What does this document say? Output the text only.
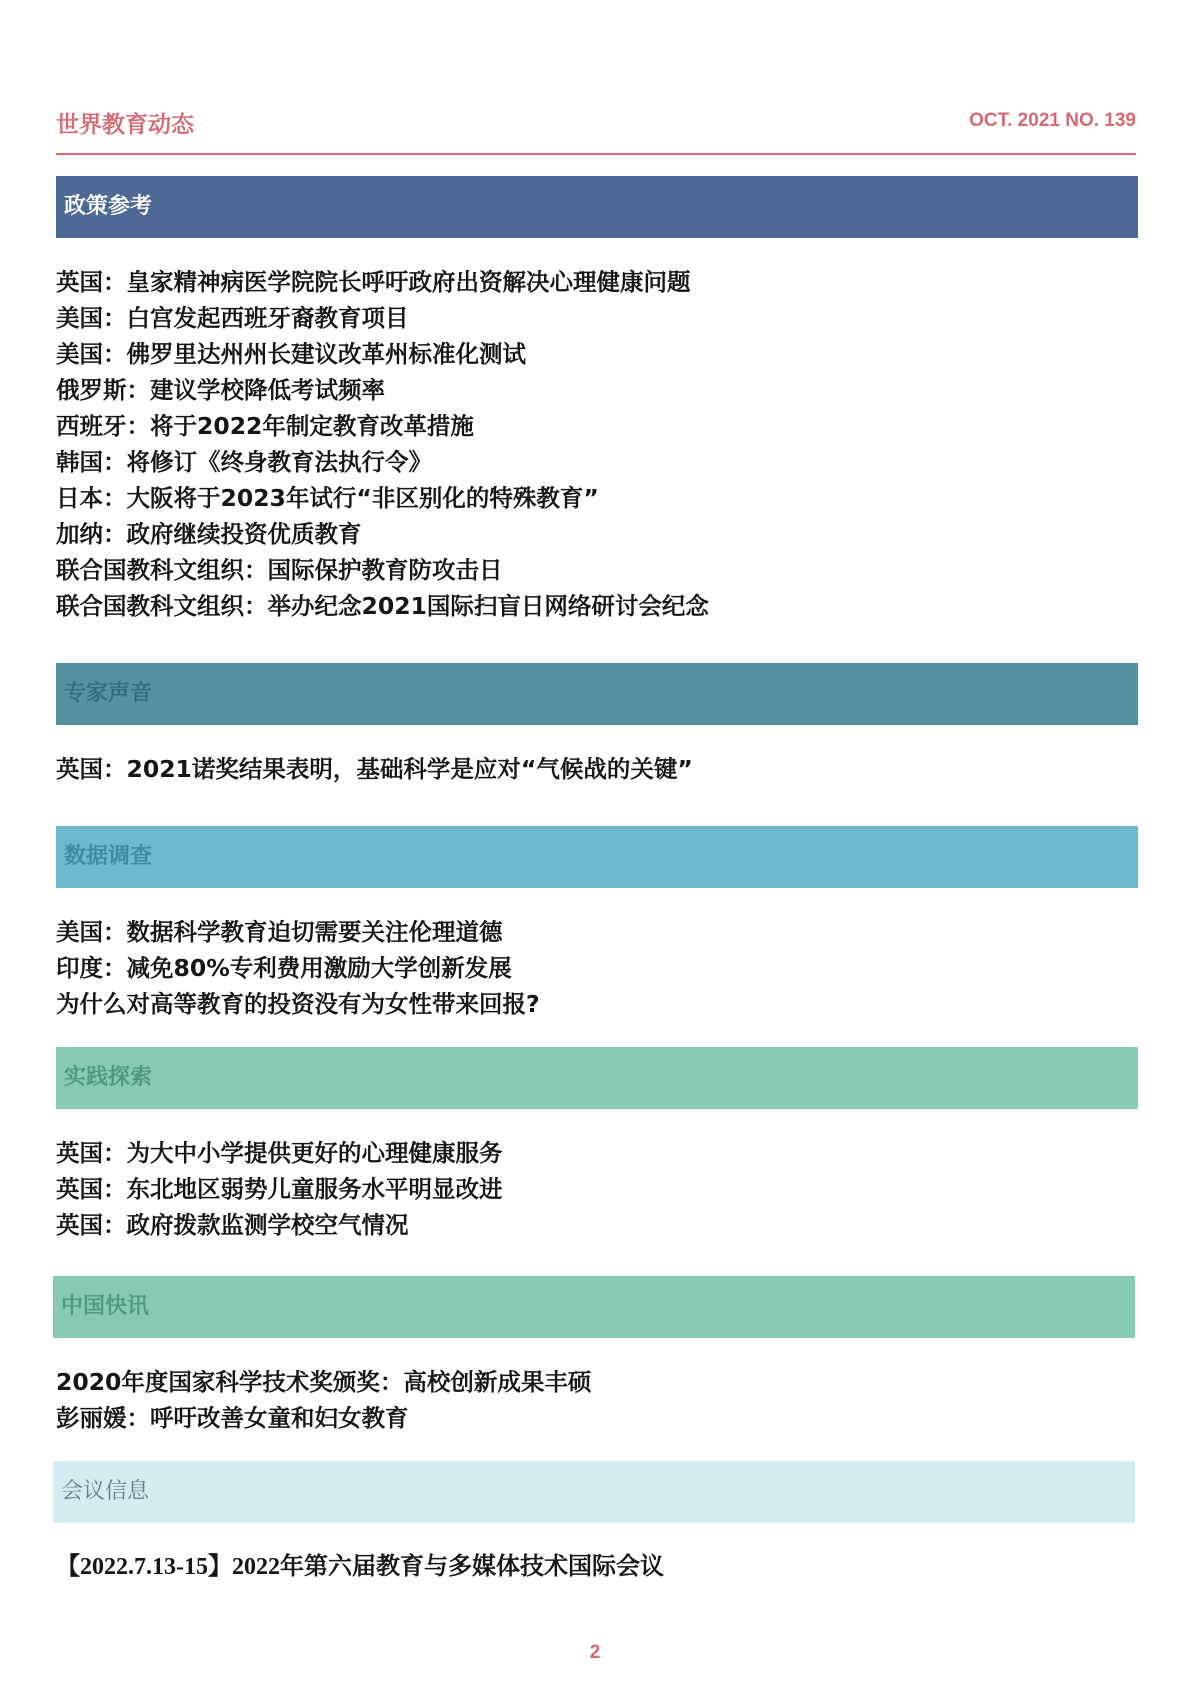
世界教育动态	OCT. 2021 NO. 139
政策参考
英国：皇家精神病医学院院长呼吁政府出资解决心理健康问题
美国：白宫发起西班牙裔教育项目
美国：佛罗里达州州长建议改革州标准化测试
俄罗斯：建议学校降低考试频率
西班牙：将于2022年制定教育改革措施
韩国：将修订《终身教育法执行令》
日本：大阪将于2023年试行“非区别化的特殊教育”
加纳：政府继续投资优质教育
联合国教科文组织：国际保护教育防攻击日
联合国教科文组织：举办纪念2021国际扫盲日网络研讨会纪念
专家声音
英国：2021诺奖结果表明，基础科学是应对“气候战的关键”
数据调查
美国：数据科学教育迫切需要关注伦理道德
印度：减免80%专利费用激励大学创新发展
为什么对高等教育的投资没有为女性带来回报?
实践探索
英国：为大中小学提供更好的心理健康服务
英国：东北地区弱势儿童服务水平明显改进
英国：政府拨款监测学校空气情况
中国快讯
2020年度国家科学技术奖颁奖：高校创新成果丰硕
彭丽媛：呼吁改善女童和妇女教育
会议信息
【2022.7.13-15】2022年第六届教育与多媒体技术国际会议
2
